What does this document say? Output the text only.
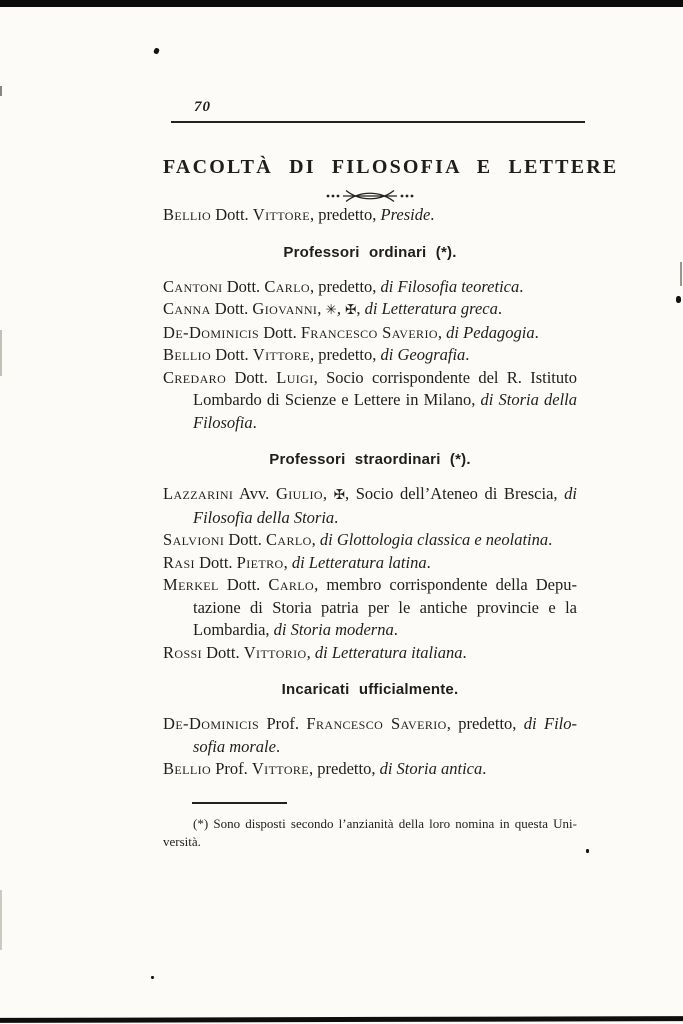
70
FACOLTÀ DI FILOSOFIA E LETTERE

Bellio Dott. Vittore, predetto, Preside.

Professori ordinari (*).

Cantoni Dott. Carlo, predetto, di Filosofia teoretica.

Canna Dott. Giovanni, ✳, ✠, di Letteratura greca.

De-Dominicis Dott. Francesco Saverio, di Pedagogia.

Bellio Dott. Vittore, predetto, di Geografia.

Credaro Dott. Luigi, Socio corrispondente del R. Istituto Lombardo di Scienze e Lettere in Milano, di Storia della Filosofia.

Professori straordinari (*).

Lazzarini Avv. Giulio, ✠, Socio dell’Ateneo di Brescia, di Filosofia della Storia.

Salvioni Dott. Carlo, di Glottologia classica e neolatina.

Rasi Dott. Pietro, di Letteratura latina.

Merkel Dott. Carlo, membro corrispondente della Deputazione di Storia patria per le antiche provincie e la Lombardia, di Storia moderna.

Rossi Dott. Vittorio, di Letteratura italiana.

Incaricati ufficialmente.

De-Dominicis Prof. Francesco Saverio, predetto, di Filosofia morale.

Bellio Prof. Vittore, predetto, di Storia antica.

(*) Sono disposti secondo l’anzianità della loro nomina in questa Università.
